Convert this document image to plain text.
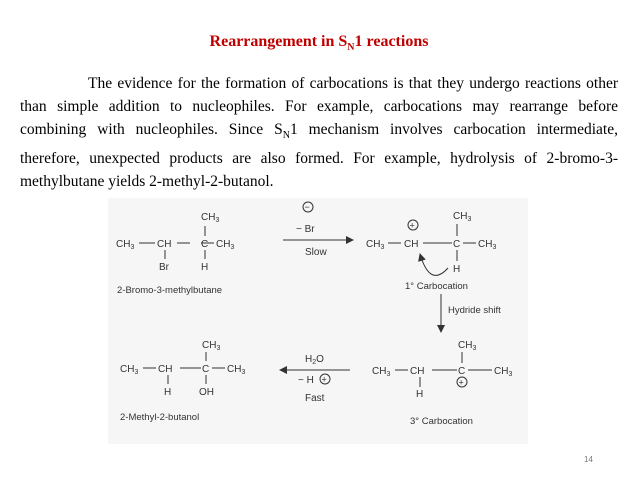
Rearrangement in $S_N1$ reactions
The evidence for the formation of carbocations is that they undergo reactions other than simple addition to nucleophiles. For example, carbocations may rearrange before combining with nucleophiles. Since $S_N1$ mechanism involves carbocation intermediate, therefore, unexpected products are also formed. For example, hydrolysis of 2-bromo-3-methylbutane yields 2-methyl-2-butanol.
$CH_3$
$CH_3$ CH	C $CH_3$
Br	H
2-Bromo-3-methylbutane
−
− Br
Slow
$CH_3$
+
$CH_3$ CH	C $CH_3$
H
1° Carbocation
Hydride shift
$CH_3$
$CH_3$ CH	C $CH_3$
H	OH
2-Methyl-2-butanol
$H_2O$
− H +
Fast
$CH_3$
$CH_3$ CH	C	$CH_3$
H
+
3° Carbocation
14
